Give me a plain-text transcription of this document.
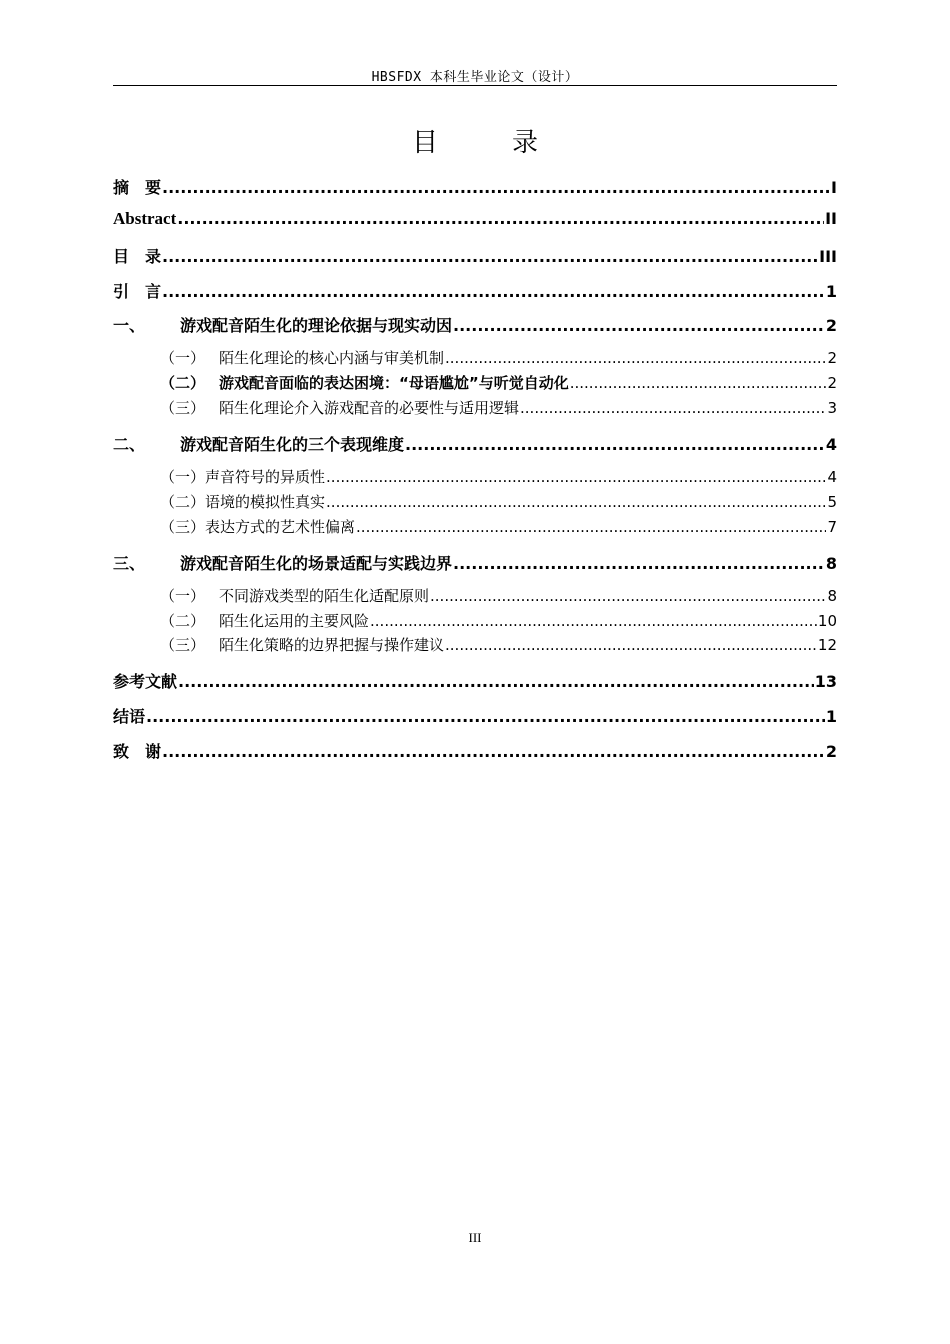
HBSFDX 本科生毕业论文（设计）
目　录
摘　要 .....	I
Abstract .....	II
目　录 .....	III
引　言 .....	1
一、	游戏配音陌生化的理论依据与现实动因 .....	2
（一） 陌生化理论的核心内涵与审美机制 .....	2
（二） 游戏配音面临的表达困境：“母语尴尬”与听觉自动化 .....	2
（三） 陌生化理论介入游戏配音的必要性与适用逻辑 .....	3
二、	游戏配音陌生化的三个表现维度 .....	4
（一） 声音符号的异质性 .....	4
（二） 语境的模拟性真实 .....	5
（三） 表达方式的艺术性偏离 .....	7
三、	游戏配音陌生化的场景适配与实践边界 .....	8
（一） 不同游戏类型的陌生化适配原则 .....	8
（二） 陌生化运用的主要风险 .....	10
（三） 陌生化策略的边界把握与操作建议 .....	12
参考文献 .....	13
结语 .....	1
致　谢 .....	2
III
